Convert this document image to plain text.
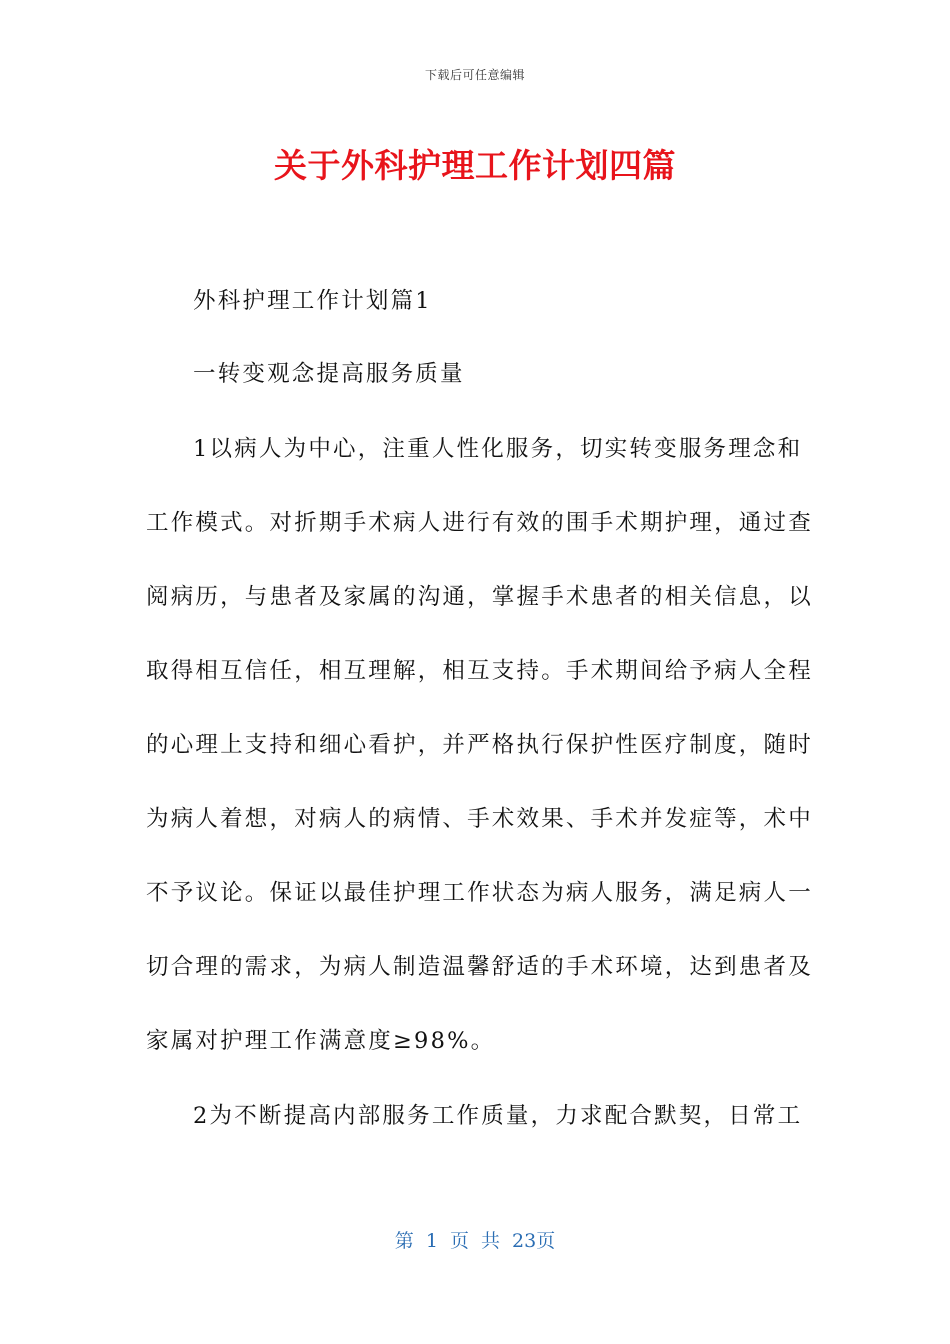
下载后可任意编辑
关于外科护理工作计划四篇
外科护理工作计划篇1
一转变观念提高服务质量
1以病人为中心，注重人性化服务，切实转变服务理念和
工作模式。对折期手术病人进行有效的围手术期护理，通过查
阅病历，与患者及家属的沟通，掌握手术患者的相关信息，以
取得相互信任，相互理解，相互支持。手术期间给予病人全程
的心理上支持和细心看护，并严格执行保护性医疗制度，随时
为病人着想，对病人的病情、手术效果、手术并发症等，术中
不予议论。保证以最佳护理工作状态为病人服务，满足病人一
切合理的需求，为病人制造温馨舒适的手术环境，达到患者及
家属对护理工作满意度≥98%。
2为不断提高内部服务工作质量，力求配合默契，日常工
第 1 页 共 23页
